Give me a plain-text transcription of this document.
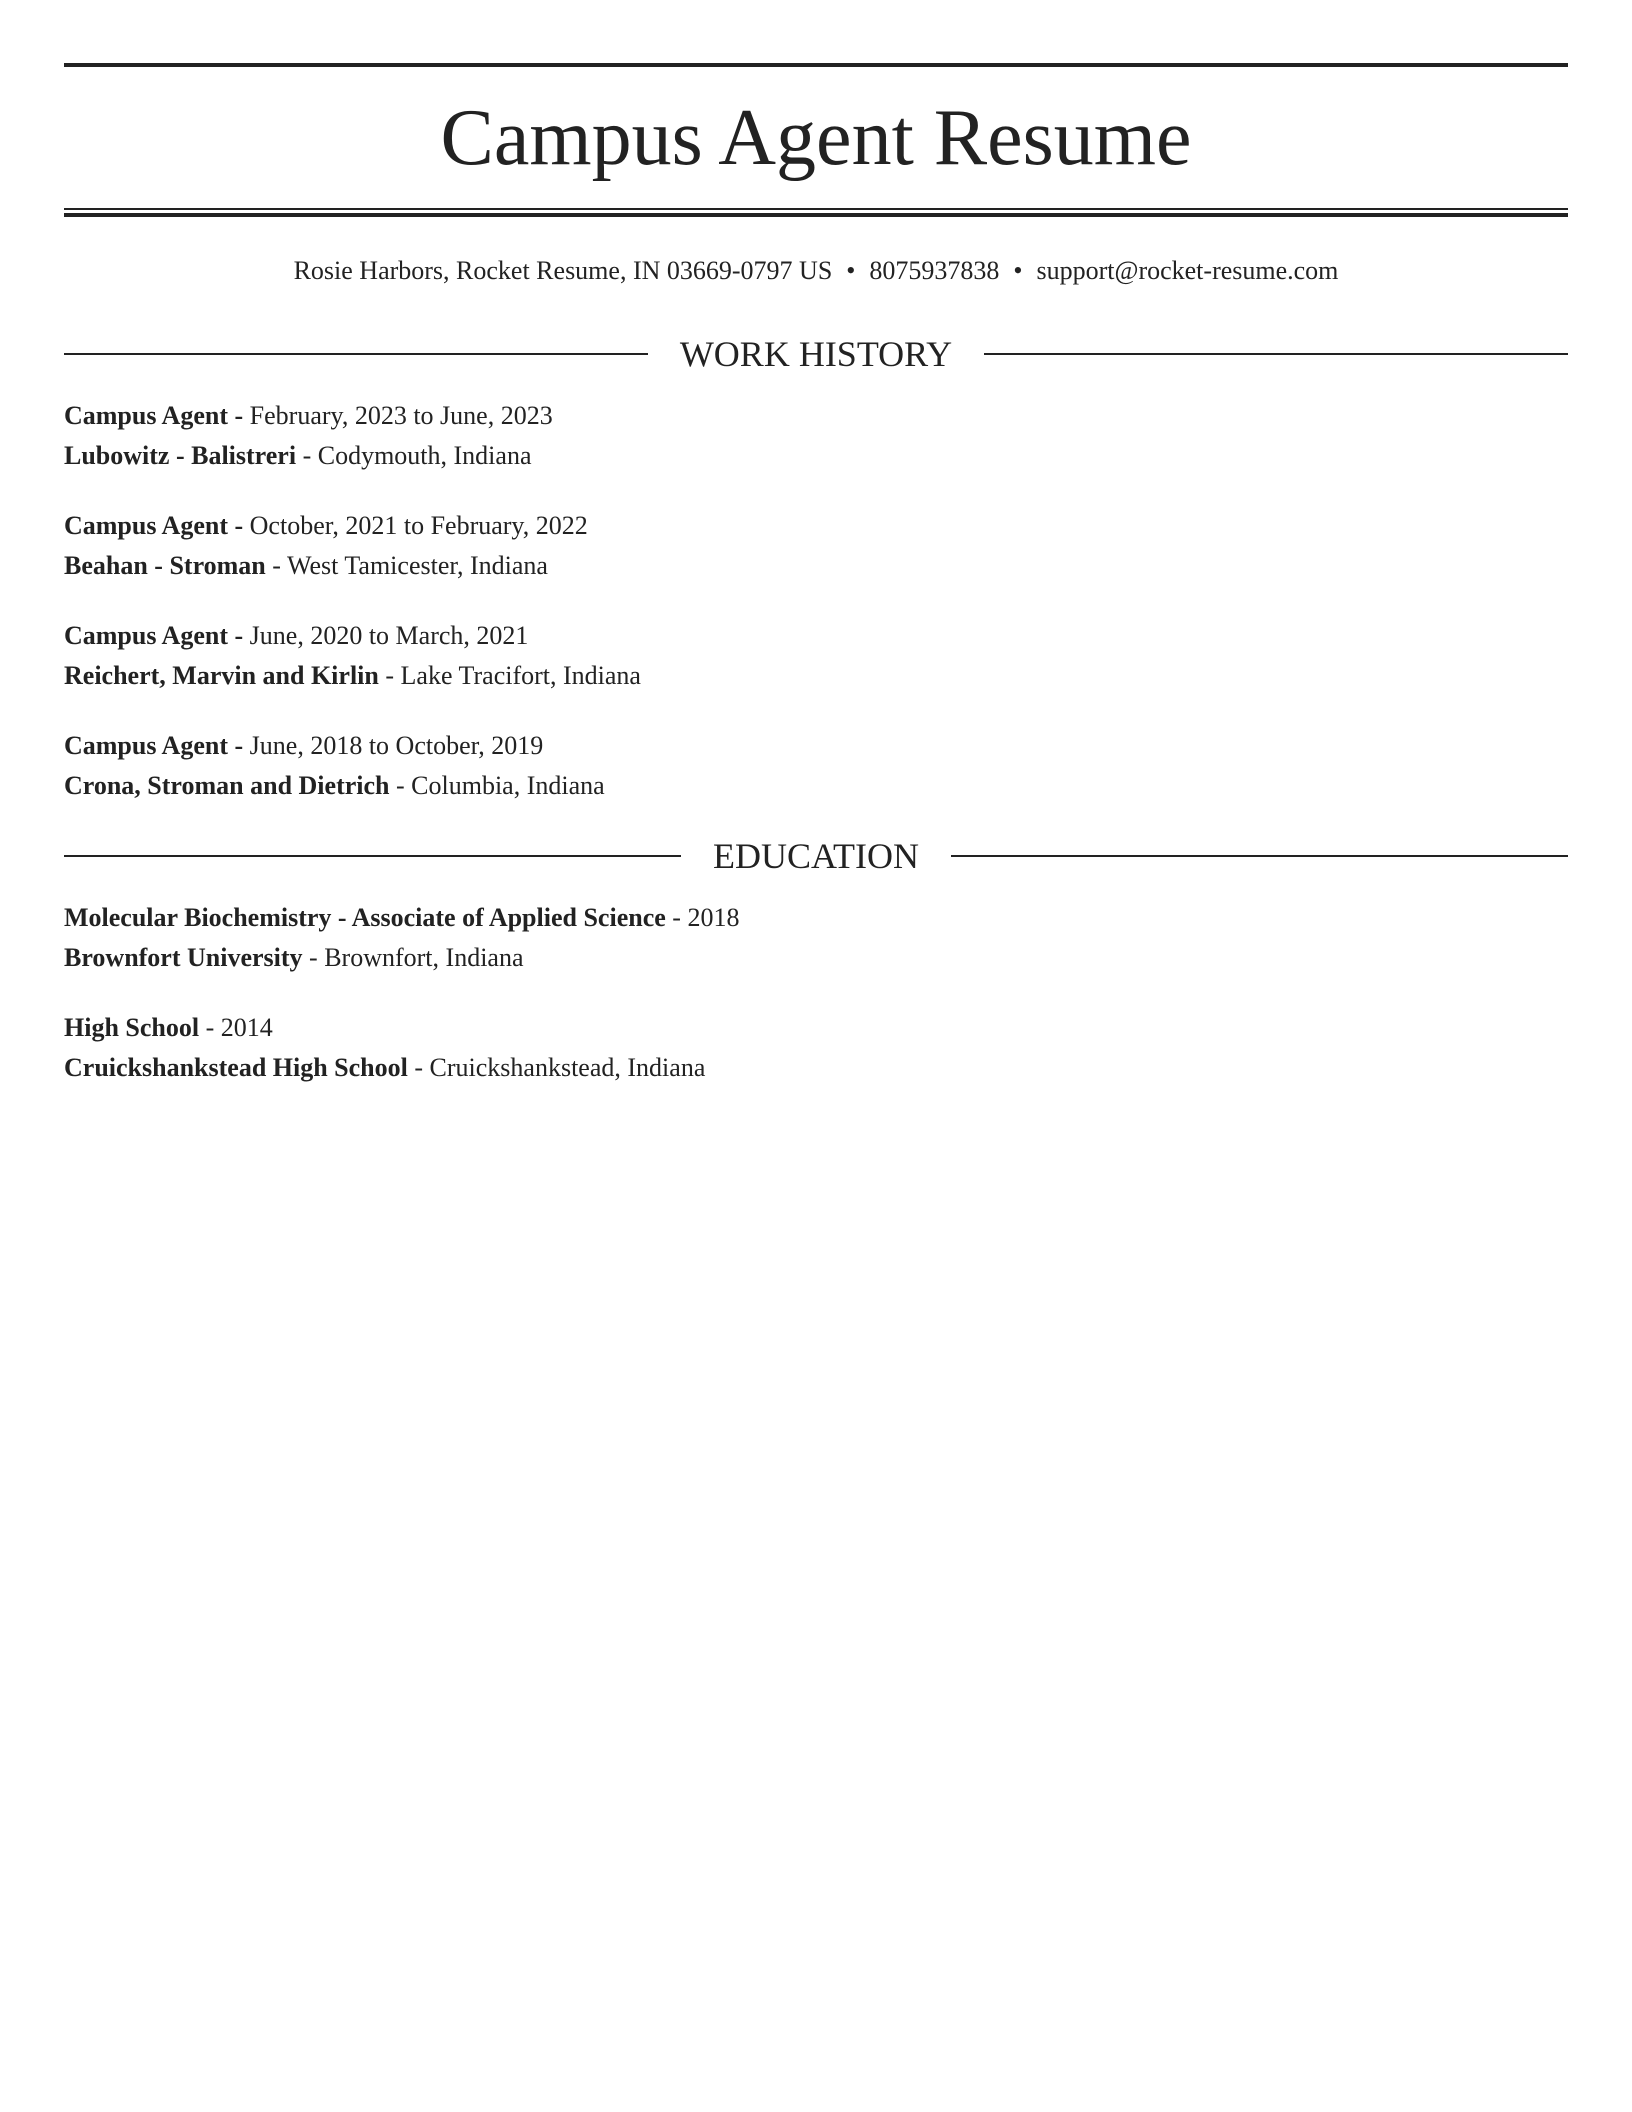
Campus Agent Resume
Rosie Harbors, Rocket Resume, IN 03669-0797 US • 8075937838 • support@rocket-resume.com
WORK HISTORY
Campus Agent - February, 2023 to June, 2023
Lubowitz - Balistreri - Codymouth, Indiana
Campus Agent - October, 2021 to February, 2022
Beahan - Stroman - West Tamicester, Indiana
Campus Agent - June, 2020 to March, 2021
Reichert, Marvin and Kirlin - Lake Tracifort, Indiana
Campus Agent - June, 2018 to October, 2019
Crona, Stroman and Dietrich - Columbia, Indiana
EDUCATION
Molecular Biochemistry - Associate of Applied Science - 2018
Brownfort University - Brownfort, Indiana
High School - 2014
Cruickshankstead High School - Cruickshankstead, Indiana
